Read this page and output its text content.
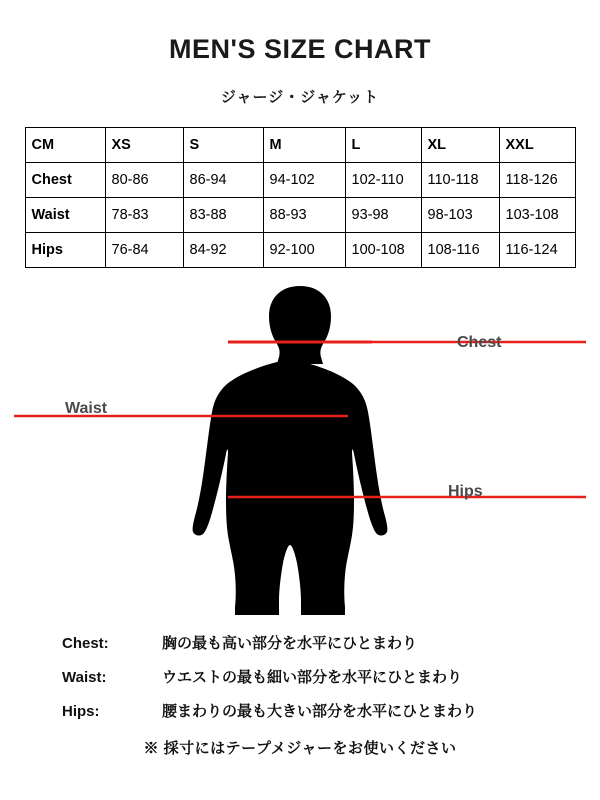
MEN'S SIZE CHART
ジャージ・ジャケット
CM	XS	S	M	L	XL	XXL
Chest	80-86	86-94	94-102	102-110	110-118	118-126
Waist	78-83	83-88	88-93	93-98	98-103	103-108
Hips	76-84	84-92	92-100	100-108	108-116	116-124
Chest
Waist
Hips
Chest:	胸の最も高い部分を水平にひとまわり
Waist:	ウエストの最も細い部分を水平にひとまわり
Hips:	腰まわりの最も大きい部分を水平にひとまわり
※ 採寸にはテープメジャーをお使いください
